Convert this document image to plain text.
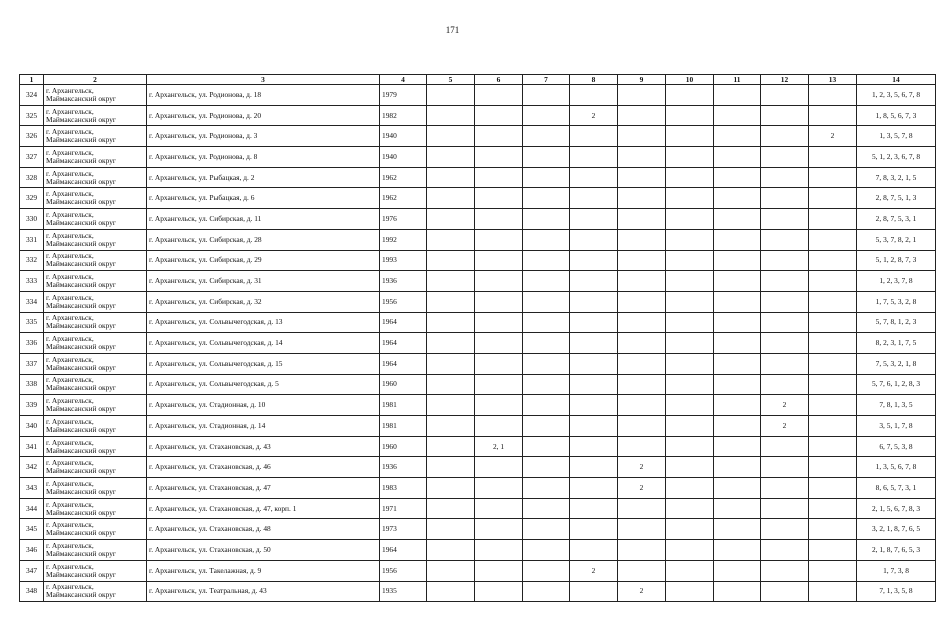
171
1	2	3	4	5	6	7	8	9	10	11	12	13	14
324	г. Архангельск, Маймаксанский округ	г. Архангельск, ул. Родионова, д. 18	1979										1, 2, 3, 5, 6, 7, 8
325	г. Архангельск, Маймаксанский округ	г. Архангельск, ул. Родионова, д. 20	1982				2						1, 8, 5, 6, 7, 3
326	г. Архангельск, Маймаксанский округ	г. Архангельск, ул. Родионова, д. 3	1940									2	1, 3, 5, 7, 8
327	г. Архангельск, Маймаксанский округ	г. Архангельск, ул. Родионова, д. 8	1940										5, 1, 2, 3, 6, 7, 8
328	г. Архангельск, Маймаксанский округ	г. Архангельск, ул. Рыбацкая, д. 2	1962										7, 8, 3, 2, 1, 5
329	г. Архангельск, Маймаксанский округ	г. Архангельск, ул. Рыбацкая, д. 6	1962										2, 8, 7, 5, 1, 3
330	г. Архангельск, Маймаксанский округ	г. Архангельск, ул. Сибирская, д. 11	1976										2, 8, 7, 5, 3, 1
331	г. Архангельск, Маймаксанский округ	г. Архангельск, ул. Сибирская, д. 28	1992										5, 3, 7, 8, 2, 1
332	г. Архангельск, Маймаксанский округ	г. Архангельск, ул. Сибирская, д. 29	1993										5, 1, 2, 8, 7, 3
333	г. Архангельск, Маймаксанский округ	г. Архангельск, ул. Сибирская, д. 31	1936										1, 2, 3, 7, 8
334	г. Архангельск, Маймаксанский округ	г. Архангельск, ул. Сибирская, д. 32	1956										1, 7, 5, 3, 2, 8
335	г. Архангельск, Маймаксанский округ	г. Архангельск, ул. Сольвычегодская, д. 13	1964										5, 7, 8, 1, 2, 3
336	г. Архангельск, Маймаксанский округ	г. Архангельск, ул. Сольвычегодская, д. 14	1964										8, 2, 3, 1, 7, 5
337	г. Архангельск, Маймаксанский округ	г. Архангельск, ул. Сольвычегодская, д. 15	1964										7, 5, 3, 2, 1, 8
338	г. Архангельск, Маймаксанский округ	г. Архангельск, ул. Сольвычегодская, д. 5	1960										5, 7, 6, 1, 2, 8, 3
339	г. Архангельск, Маймаксанский округ	г. Архангельск, ул. Стадионная, д. 10	1981								2		7, 8, 1, 3, 5
340	г. Архангельск, Маймаксанский округ	г. Архангельск, ул. Стадионная, д. 14	1981								2		3, 5, 1, 7, 8
341	г. Архангельск, Маймаксанский округ	г. Архангельск, ул. Стахановская, д. 43	1960		2, 1								6, 7, 5, 3, 8
342	г. Архангельск, Маймаксанский округ	г. Архангельск, ул. Стахановская, д. 46	1936					2					1, 3, 5, 6, 7, 8
343	г. Архангельск, Маймаксанский округ	г. Архангельск, ул. Стахановская, д. 47	1983					2					8, 6, 5, 7, 3, 1
344	г. Архангельск, Маймаксанский округ	г. Архангельск, ул. Стахановская, д. 47, корп. 1	1971										2, 1, 5, 6, 7, 8, 3
345	г. Архангельск, Маймаксанский округ	г. Архангельск, ул. Стахановская, д. 48	1973										3, 2, 1, 8, 7, 6, 5
346	г. Архангельск, Маймаксанский округ	г. Архангельск, ул. Стахановская, д. 50	1964										2, 1, 8, 7, 6, 5, 3
347	г. Архангельск, Маймаксанский округ	г. Архангельск, ул. Такелажная, д. 9	1956				2						1, 7, 3, 8
348	г. Архангельск, Маймаксанский округ	г. Архангельск, ул. Театральная, д. 43	1935					2					7, 1, 3, 5, 8
